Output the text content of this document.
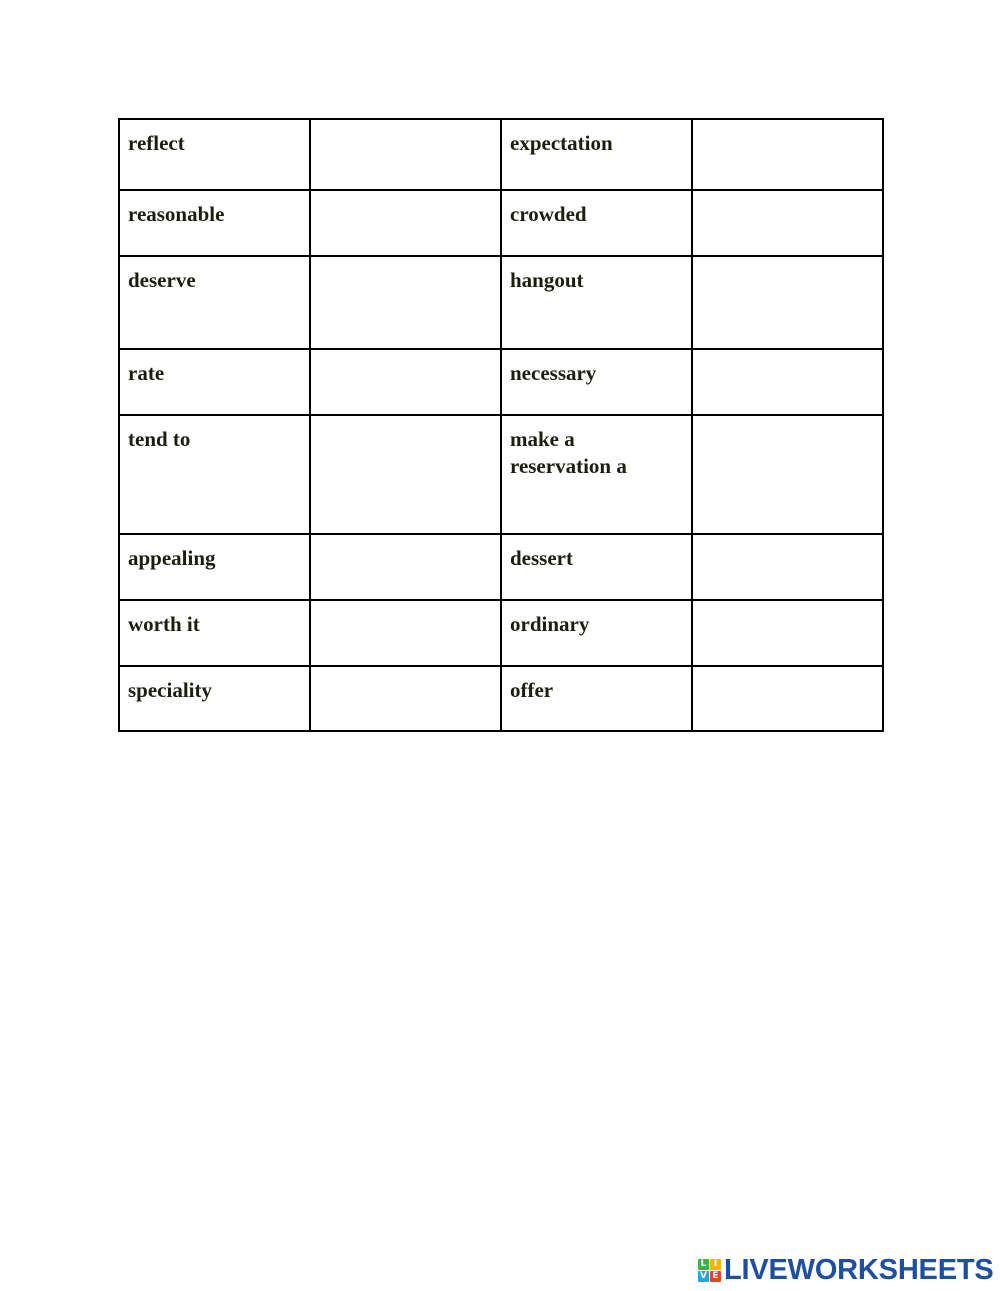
reflect		expectation	
reasonable		crowded	
deserve		hangout	
rate		necessary	
tend to		make a reservation a	
appealing		dessert	
worth it		ordinary	
speciality		offer	
L I
V E LIVEWORKSHEETS
